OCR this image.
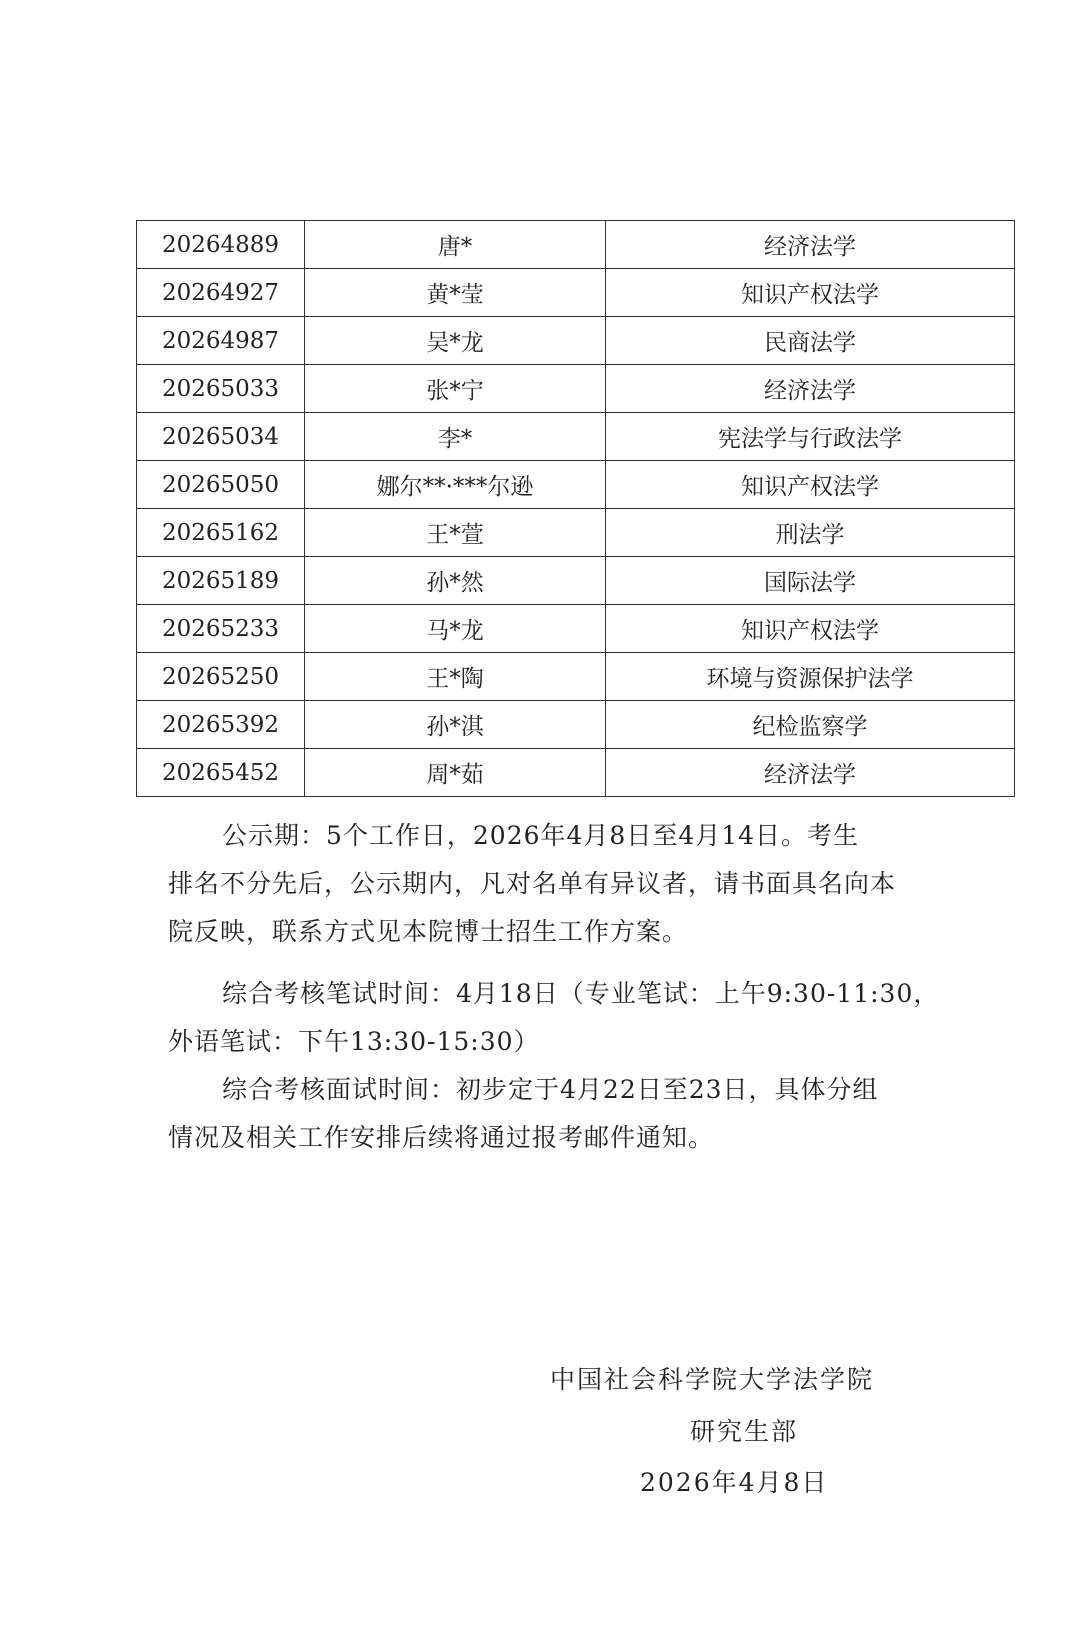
20264889	唐*	经济法学
20264927	黄*莹	知识产权法学
20264987	吴*龙	民商法学
20265033	张*宁	经济法学
20265034	李*	宪法学与行政法学
20265050	娜尔**·***尔逊	知识产权法学
20265162	王*萱	刑法学
20265189	孙*然	国际法学
20265233	马*龙	知识产权法学
20265250	王*陶	环境与资源保护法学
20265392	孙*淇	纪检监察学
20265452	周*茹	经济法学
公示期：5个工作日，2026年4月8日至4月14日。考生
排名不分先后，公示期内，凡对名单有异议者，请书面具名向本
院反映，联系方式见本院博士招生工作方案。
综合考核笔试时间：4月18日（专业笔试：上午9:30-11:30，
外语笔试：下午13:30-15:30）
综合考核面试时间：初步定于4月22日至23日，具体分组
情况及相关工作安排后续将通过报考邮件通知。
中国社会科学院大学法学院
研究生部
2026年4月8日
